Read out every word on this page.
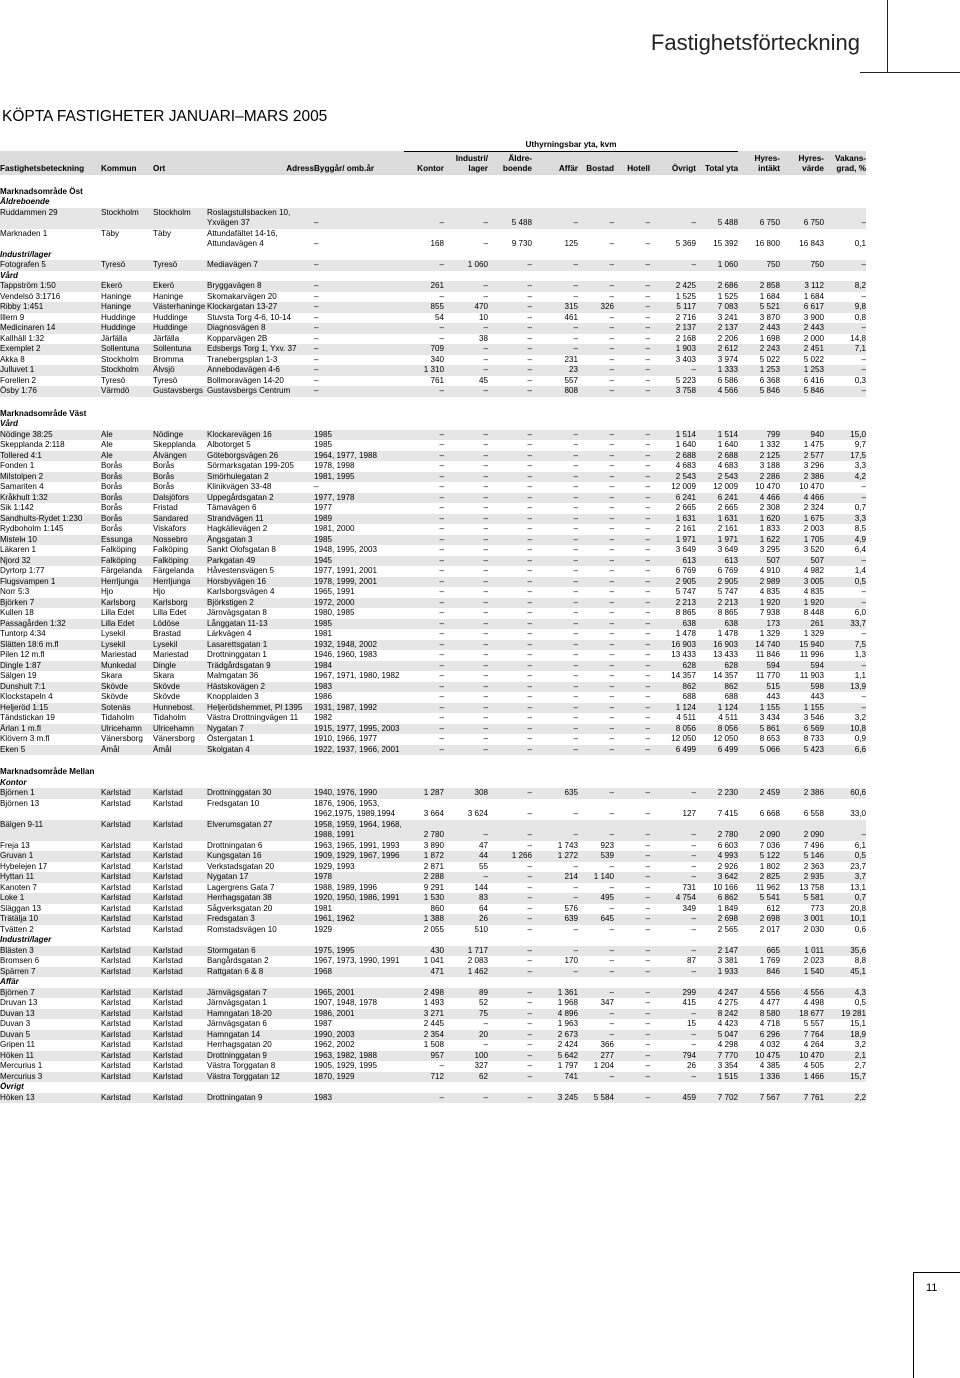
Fastighetsförteckning
KÖPTA FASTIGHETER JANUARI–MARS 2005
					Uthyrningsbar yta, kvm											
Fastighetsbeteckning	Kommun	Ort	Adress	Byggår/ omb.år	Kontor	Industri/ lager	Äldre- boende	Affär	Bostad	Hotell	Övrigt	Total yta	Hyres- intäkt	Hyres- värde	Vakans- grad, %	
Marknadsområde Öst																
Äldreboende																
Ruddammen 29	Stockholm	Stockholm	Roslagstullsbacken 10,													
			Yxvägen 37	–	–	–	5 488	–	–	–	–	5 488	6 750	6 750	–	
Marknaden 1	Täby	Täby	Attundafältet 14-16,													
			Attundavägen 4	–	168	–	9 730	125	–	–	5 369	15 392	16 800	16 843	0,1	
Industri/lager																
Fotografen 5	Tyresö	Tyresö	Mediavägen 7	–	–	1 060	–	–	–	–	–	1 060	750	750	–	
Vård																
Tappström 1:50	Ekerö	Ekerö	Bryggavägen 8	–	261	–	–	–	–	–	2 425	2 686	2 858	3 112	8,2	
Vendelsö 3:1716	Haninge	Haninge	Skomakarvägen 20	–	–	–	–	–	–	–	1 525	1 525	1 684	1 684	–	
Ribby 1:451	Haninge	Västerhaninge	Klockargatan 13-27	–	855	470	–	315	326	–	5 117	7 083	5 521	6 617	9,8	
Illern 9	Huddinge	Huddinge	Stuvsta Torg 4-6, 10-14	–	54	10	–	461	–	–	2 716	3 241	3 870	3 900	0,8	
Medicinaren 14	Huddinge	Huddinge	Diagnosvägen 8	–	–	–	–	–	–	–	2 137	2 137	2 443	2 443	–	
Kallhäll 1:32	Järfälla	Järfälla	Kopparvägen 2B	–	–	38	–	–	–	–	2 168	2 206	1 698	2 000	14,8	
Exemplet 2	Sollentuna	Sollentuna	Edsbergs Torg 1, Yxv. 37	–	709	–	–	–	–	–	1 903	2 612	2 243	2 451	7,1	
Akka 8	Stockholm	Bromma	Tranebergsplan 1-3	–	340	–	–	231	–	–	3 403	3 974	5 022	5 022	–	
Julluvet 1	Stockholm	Älvsjö	Annebodavägen 4-6	–	1 310	–	–	23	–	–	–	1 333	1 253	1 253	–	
Forellen 2	Tyresö	Tyresö	Bollmoravägen 14-20	–	761	45	–	557	–	–	5 223	6 586	6 368	6 416	0,3	
Ösby 1:76	Värmdö	Gustavsbergs	Gustavsbergs Centrum	–	–	–	–	808	–	–	3 758	4 566	5 846	5 846	–	
Marknadsområde Väst																
Vård																
Nödinge 38:25	Ale	Nödinge	Klockarevägen 16	1985	–	–	–	–	–	–	1 514	1 514	799	940	15,0	
Skepplanda 2:118	Ale	Skepplanda	Albotorget 5	1985	–	–	–	–	–	–	1 640	1 640	1 332	1 475	9,7	
Tollered 4:1	Ale	Älvängen	Göteborgsvägen 26	1964, 1977, 1988	–	–	–	–	–	–	2 688	2 688	2 125	2 577	17,5	
Fonden 1	Borås	Borås	Sörmarksgatan 199-205	1978, 1998	–	–	–	–	–	–	4 683	4 683	3 188	3 296	3,3	
Milstolpen 2	Borås	Borås	Smörhulegatan 2	1981, 1995	–	–	–	–	–	–	2 543	2 543	2 286	2 386	4,2	
Samariten 4	Borås	Borås	Klinikvägen 33-48	–	–	–	–	–	–	–	12 009	12 009	10 470	10 470	–	
Kråkhult 1:32	Borås	Dalsjöfors	Uppegårdsgatan 2	1977, 1978	–	–	–	–	–	–	6 241	6 241	4 466	4 466	–	
Sik 1:142	Borås	Fristad	Tämavägen 6	1977	–	–	–	–	–	–	2 665	2 665	2 308	2 324	0,7	
Sandhults-Rydet 1:230	Borås	Sandared	Strandvägen 11	1989	–	–	–	–	–	–	1 631	1 631	1 620	1 675	3,3	
Rydboholm 1:145	Borås	Viskafors	Hagkällevägen 2	1981, 2000	–	–	–	–	–	–	2 161	2 161	1 833	2 003	8,5	
Mistelн 10	Essunga	Nossebro	Ängsgatan 3	1985	–	–	–	–	–	–	1 971	1 971	1 622	1 705	4,9	
Läkaren 1	Falköping	Falköping	Sankt Olofsgatan 8	1948, 1995, 2003	–	–	–	–	–	–	3 649	3 649	3 295	3 520	6,4	
Njord 32	Falköping	Falköping	Parkgatan 49	1945	–	–	–	–	–	–	613	613	507	507	–	
Dyrtorp 1:77	Färgelanda	Färgelanda	Håvestensvägen 5	1977, 1991, 2001	–	–	–	–	–	–	6 769	6 769	4 910	4 982	1,4	
Flugsvampen 1	Herrljunga	Herrljunga	Horsbyvägen 16	1978, 1999, 2001	–	–	–	–	–	–	2 905	2 905	2 989	3 005	0,5	
Norr 5:3	Hjo	Hjo	Karlsborgsvägen 4	1965, 1991	–	–	–	–	–	–	5 747	5 747	4 835	4 835	–	
Björken 7	Karlsborg	Karlsborg	Björkstigen 2	1972, 2000	–	–	–	–	–	–	2 213	2 213	1 920	1 920	–	
Kullen 18	Lilla Edet	Lilla Edet	Järnvägsgatan 8	1980, 1985	–	–	–	–	–	–	8 865	8 865	7 938	8 448	6,0	
Passagården 1:32	Lilla Edet	Lödöse	Långgatan 11-13	1985	–	–	–	–	–	–	638	638	173	261	33,7	
Tuntorp 4:34	Lysekil	Brastad	Lärkvägen 4	1981	–	–	–	–	–	–	1 478	1 478	1 329	1 329	–	
Slätten 18:6 m.fl	Lysekil	Lysekil	Lasarettsgatan 1	1932, 1948, 2002	–	–	–	–	–	–	16 903	16 903	14 740	15 940	7,5	
Pilen 12 m.fl	Mariestad	Mariestad	Drottninggatan 1	1946, 1960, 1983	–	–	–	–	–	–	13 433	13 433	11 846	11 996	1,3	
Dingle 1:87	Munkedal	Dingle	Trädgårdsgatan 9	1984	–	–	–	–	–	–	628	628	594	594	–	
Sälgen 19	Skara	Skara	Malmgatan 36	1967, 1971, 1980, 1982	–	–	–	–	–	–	14 357	14 357	11 770	11 903	1,1	
Dunshult 7:1	Skövde	Skövde	Hästskovägen 2	1983	–	–	–	–	–	–	862	862	515	598	13,9	
Klockstapeln 4	Skövde	Skövde	Knopplaiden 3	1986	–	–	–	–	–	–	688	688	443	443	–	
Heljeröd 1:15	Sotenäs	Hunnebost.	Heljerödshemmet, Pl 1395	1931, 1987, 1992	–	–	–	–	–	–	1 124	1 124	1 155	1 155	–	
Tändstickan 19	Tidaholm	Tidaholm	Västra Drottningvägen 11	1982	–	–	–	–	–	–	4 511	4 511	3 434	3 546	3,2	
Ärlan 1 m.fl	Ulricehamn	Ulricehamn	Nygatan 7	1915, 1977, 1995, 2003	–	–	–	–	–	–	8 056	8 056	5 861	6 569	10,8	
Klövern 3 m.fl	Vänersborg	Vänersborg	Östergatan 1	1910, 1966, 1977	–	–	–	–	–	–	12 050	12 050	8 653	8 733	0,9	
Eken 5	Åmål	Åmål	Skolgatan 4	1922, 1937, 1966, 2001	–	–	–	–	–	–	6 499	6 499	5 066	5 423	6,6	
Marknadsområde Mellan																
Kontor																
Björnen 1	Karlstad	Karlstad	Drottninggatan 30	1940, 1976, 1990	1 287	308	–	635	–	–	–	2 230	2 459	2 386	60,6	
Björnen 13	Karlstad	Karlstad	Fredsgatan 10	1876, 1906, 1953,												
				1962,1975, 1989,1994	3 664	3 624	–	–	–	–	127	7 415	6 668	6 558	33,0	
Bälgen 9-11	Karlstad	Karlstad	Elverumsgatan 27	1958, 1959, 1964, 1968,												
				1988, 1991	2 780	–	–	–	–	–	–	2 780	2 090	2 090	–	
Freja 13	Karlstad	Karlstad	Drottningatan 6	1963, 1965, 1991, 1993	3 890	47	–	1 743	923	–	–	6 603	7 036	7 496	6,1	
Gruvan 1	Karlstad	Karlstad	Kungsgatan 16	1909, 1929, 1967, 1996	1 872	44	1 266	1 272	539	–	–	4 993	5 122	5 146	0,5	
Hybelejen 17	Karlstad	Karlstad	Verkstadsgatan 20	1929, 1993	2 871	55	–	–	–	–	–	2 926	1 802	2 363	23,7	
Hyttan 11	Karlstad	Karlstad	Nygatan 17	1978	2 288	–	–	214	1 140	–	–	3 642	2 825	2 935	3,7	
Kanoten 7	Karlstad	Karlstad	Lagergrens Gata 7	1988, 1989, 1996	9 291	144	–	–	–	–	731	10 166	11 962	13 758	13,1	
Loke 1	Karlstad	Karlstad	Herrhagsgatan 38	1920, 1950, 1986, 1991	1 530	83	–	–	495	–	4 754	6 862	5 541	5 581	0,7	
Släggan 13	Karlstad	Karlstad	Sågverksgatan 20	1981	860	64	–	576	–	–	349	1 849	612	773	20,8	
Trätälja 10	Karlstad	Karlstad	Fredsgatan 3	1961, 1962	1 388	26	–	639	645	–	–	2 698	2 698	3 001	10,1	
Tvätten 2	Karlstad	Karlstad	Romstadsvägen 10	1929	2 055	510	–	–	–	–	–	2 565	2 017	2 030	0,6	
Industri/lager																
Blästen 3	Karlstad	Karlstad	Stormgatan 6	1975, 1995	430	1 717	–	–	–	–	–	2 147	665	1 011	35,6	
Bromsen 6	Karlstad	Karlstad	Bangårdsgatan 2	1967, 1973, 1990, 1991	1 041	2 083	–	170	–	–	87	3 381	1 769	2 023	8,8	
Spärren 7	Karlstad	Karlstad	Rattgatan 6 & 8	1968	471	1 462	–	–	–	–	–	1 933	846	1 540	45,1	
Affär																
Björnen 7	Karlstad	Karlstad	Järnvägsgatan 7	1965, 2001	2 498	89	–	1 361	–	–	299	4 247	4 556	4 556	4,3	
Druvan 13	Karlstad	Karlstad	Järnvägsgatan 1	1907, 1948, 1978	1 493	52	–	1 968	347	–	415	4 275	4 477	4 498	0,5	
Duvan 13	Karlstad	Karlstad	Hamngatan 18-20	1986, 2001	3 271	75	–	4 896	–	–	–	8 242	8 580	18 677	19 281	
Duvan 3	Karlstad	Karlstad	Järnvägsgatan 6	1987	2 445	–	–	1 963	–	–	15	4 423	4 718	5 557	15,1	
Duvan 5	Karlstad	Karlstad	Hamngatan 14	1990, 2003	2 354	20	–	2 673	–	–	–	5 047	6 296	7 764	18,9	
Gripen 11	Karlstad	Karlstad	Herrhagsgatan 20	1962, 2002	1 508	–	–	2 424	366	–	–	4 298	4 032	4 264	3,2	
Höken 11	Karlstad	Karlstad	Drottninggatan 9	1963, 1982, 1988	957	100	–	5 642	277	–	794	7 770	10 475	10 470	2,1	
Mercurius 1	Karlstad	Karlstad	Västra Torggatan 8	1905, 1929, 1995	–	327	–	1 797	1 204	–	26	3 354	4 385	4 505	2,7	
Mercurius 3	Karlstad	Karlstad	Västra Torggatan 12	1870, 1929	712	62	–	741	–	–	–	1 515	1 336	1 466	15,7	
Övrigt																
Höken 13	Karlstad	Karlstad	Drottningatan 9	1983	–	–	–	3 245	5 584	–	459	7 702	7 567	7 761	2,2	
11
